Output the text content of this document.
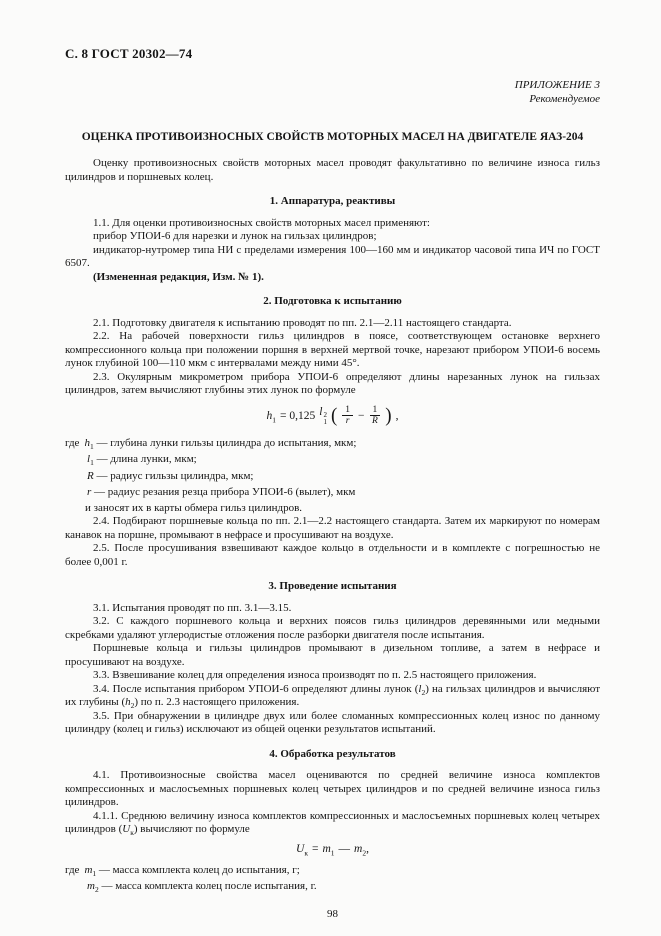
С. 8 ГОСТ 20302—74
ПРИЛОЖЕНИЕ 3
Рекомендуемое
ОЦЕНКА ПРОТИВОИЗНОСНЫХ СВОЙСТВ МОТОРНЫХ МАСЕЛ НА ДВИГАТЕЛЕ ЯАЗ-204

Оценку противоизносных свойств моторных масел проводят факультативно по величине износа гильз цилиндров и поршневых колец.

1. Аппаратура, реактивы

1.1. Для оценки противоизносных свойств моторных масел применяют:

прибор УПОИ-6 для нарезки и лунок на гильзах цилиндров;

индикатор-нутромер типа НИ с пределами измерения 100—160 мм и индикатор часовой типа ИЧ по ГОСТ 6507.

(Измененная редакция, Изм. № 1).

2. Подготовка к испытанию

2.1. Подготовку двигателя к испытанию проводят по пп. 2.1—2.11 настоящего стандарта.

2.2. На рабочей поверхности гильз цилиндров в поясе, соответствующем остановке верхнего компрессионного кольца при положении поршня в верхней мертвой точке, нарезают прибором УПОИ-6 восемь лунок глубиной 100—110 мкм с интервалами между ними 45°.

2.3. Окулярным микрометром прибора УПОИ-6 определяют длины нарезанных лунок на гильзах цилиндров, затем вычисляют глубины этих лунок по формуле

$h_1 = 0,125$ l 2
1 ( $\frac{1}{r} - \frac{1}{R}$ ) ,
где $h_1$ — глубина лунки гильзы цилиндра до испытания, мкм;
$l_1$ — длина лунки, мкм;
R — радиус гильзы цилиндра, мкм;
r — радиус резания резца прибора УПОИ-6 (вылет), мкм

и заносят их в карты обмера гильз цилиндров.

2.4. Подбирают поршневые кольца по пп. 2.1—2.2 настоящего стандарта. Затем их маркируют по номерам канавок на поршне, промывают в нефрасе и просушивают на воздухе.

2.5. После просушивания взвешивают каждое кольцо в отдельности и в комплекте с погрешностью не более 0,001 г.

3. Проведение испытания

3.1. Испытания проводят по пп. 3.1—3.15.

3.2. С каждого поршневого кольца и верхних поясов гильз цилиндров деревянными или медными скребками удаляют углеродистые отложения после разборки двигателя после испытания.

Поршневые кольца и гильзы цилиндров промывают в дизельном топливе, а затем в нефрасе и просушивают на воздухе.

3.3. Взвешивание колец для определения износа производят по п. 2.5 настоящего приложения.

3.4. После испытания прибором УПОИ-6 определяют длины лунок $(l_2)$ на гильзах цилиндров и вычисляют их глубины $(h_2)$ по п. 2.3 настоящего приложения.

3.5. При обнаружении в цилиндре двух или более сломанных компрессионных колец износ по данному цилиндру (колец и гильз) исключают из общей оценки результатов испытаний.

4. Обработка результатов

4.1. Противоизносные свойства масел оцениваются по средней величине износа комплектов компрессионных и маслосъемных поршневых колец четырех цилиндров и по средней величине износа гильз цилиндров.

4.1.1. Среднюю величину износа комплектов компрессионных и маслосъемных поршневых колец четырех цилиндров $(U_к)$ вычисляют по формуле

$U_к = m_1$ — $m_2$,
где $m_1$ — масса комплекта колец до испытания, г;
$m_2$ — масса комплекта колец после испытания, г.
98
